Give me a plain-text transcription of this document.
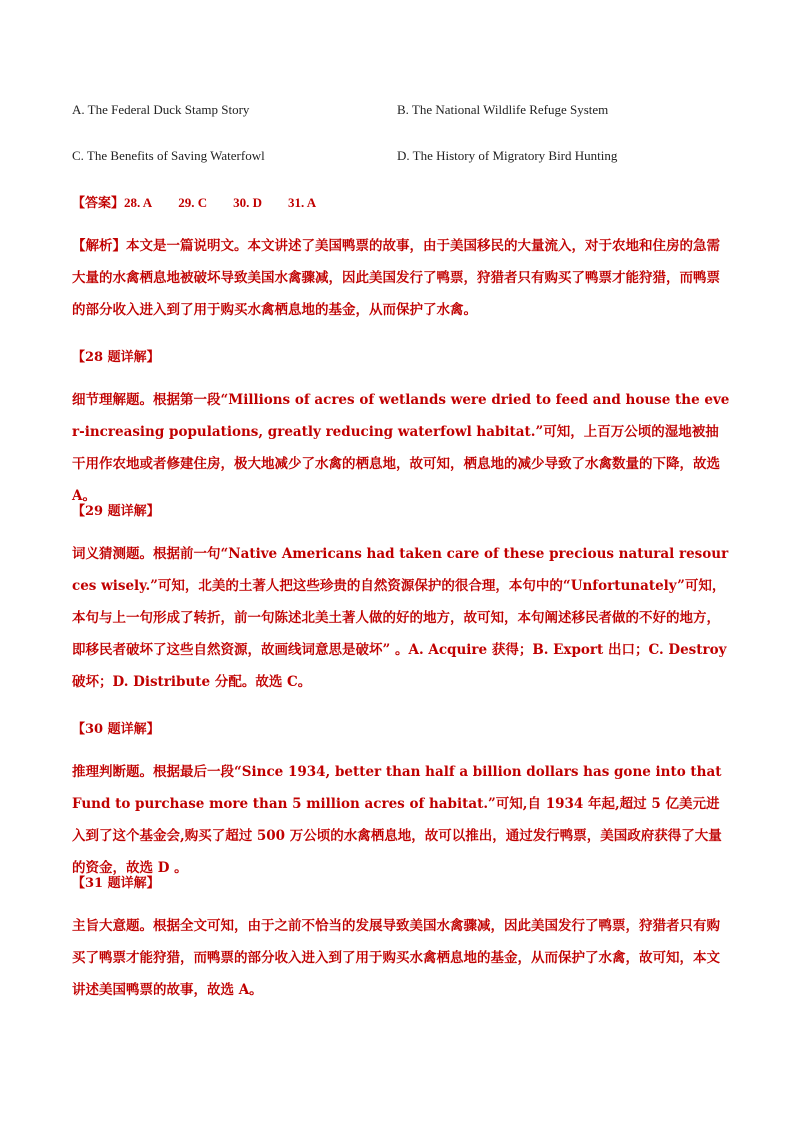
A. The Federal Duck Stamp Story	B. The National Wildlife Refuge System
C. The Benefits of Saving Waterfowl	D. The History of Migratory Bird Hunting
【答案】28. A 29. C 30. D 31. A
【解析】本文是一篇说明文。本文讲述了美国鸭票的故事，由于美国移民的大量流入，对于农地和住房的急需大量的水禽栖息地被破坏导致美国水禽骤减，因此美国发行了鸭票，狩猎者只有购买了鸭票才能狩猎，而鸭票的部分收入进入到了用于购买水禽栖息地的基金，从而保护了水禽。
【28 题详解】
细节理解题。根据第一段“Millions of acres of wetlands were dried to feed and house the ever-increasing populations, greatly reducing waterfowl habitat.”可知，上百万公顷的湿地被抽干用作农地或者修建住房，极大地减少了水禽的栖息地，故可知，栖息地的减少导致了水禽数量的下降，故选 A。
【29 题详解】
词义猜测题。根据前一句“Native Americans had taken care of these precious natural resources wisely.”可知，北美的土著人把这些珍贵的自然资源保护的很合理，本句中的“Unfortunately”可知，本句与上一句形成了转折，前一句陈述北美土著人做的好的地方，故可知，本句阐述移民者做的不好的地方，即移民者破坏了这些自然资源，故画线词意思是破坏” 。A. Acquire 获得；B. Export 出口；C. Destroy 破坏；D. Distribute 分配。故选 C。
【30 题详解】
推理判断题。根据最后一段“Since 1934, better than half a billion dollars has gone into that Fund to purchase more than 5 million acres of habitat.”可知,自 1934 年起,超过 5 亿美元进入到了这个基金会,购买了超过 500 万公顷的水禽栖息地，故可以推出，通过发行鸭票，美国政府获得了大量的资金，故选 D 。
【31 题详解】
主旨大意题。根据全文可知，由于之前不恰当的发展导致美国水禽骤减，因此美国发行了鸭票，狩猎者只有购买了鸭票才能狩猎，而鸭票的部分收入进入到了用于购买水禽栖息地的基金，从而保护了水禽，故可知，本文讲述美国鸭票的故事，故选 A。
